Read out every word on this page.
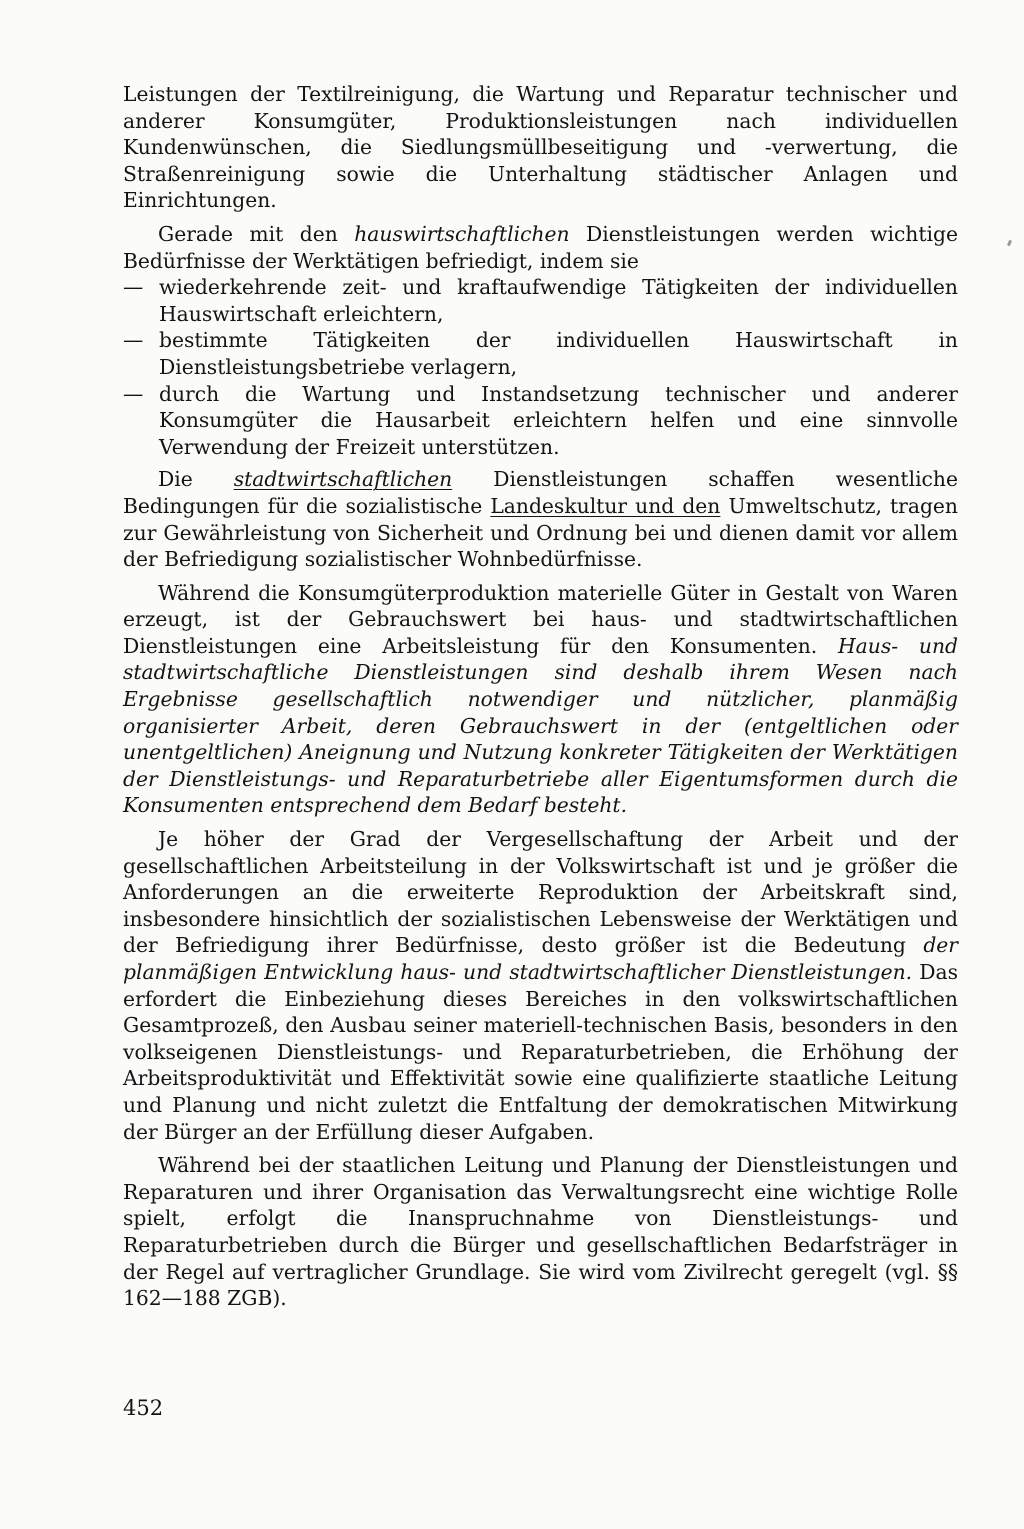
Leistungen der Textilreinigung, die Wartung und Reparatur technischer und anderer Konsumgüter, Produktionsleistungen nach individuellen Kundenwünschen, die Siedlungsmüllbeseitigung und -verwertung, die Straßenreinigung sowie die Unterhaltung städtischer Anlagen und Einrichtungen.

Gerade mit den hauswirtschaftlichen Dienstleistungen werden wichtige Bedürfnisse der Werktätigen befriedigt, indem sie

— wiederkehrende zeit- und kraftaufwendige Tätigkeiten der individuellen Hauswirtschaft erleichtern,
— bestimmte Tätigkeiten der individuellen Hauswirtschaft in Dienstleistungsbetriebe verlagern,
— durch die Wartung und Instandsetzung technischer und anderer Konsumgüter die Hausarbeit erleichtern helfen und eine sinnvolle Verwendung der Freizeit unterstützen.

Die stadtwirtschaftlichen Dienstleistungen schaffen wesentliche Bedingungen für die sozialistische Landeskultur und den Umweltschutz, tragen zur Gewährleistung von Sicherheit und Ordnung bei und dienen damit vor allem der Befriedigung sozialistischer Wohnbedürfnisse.

Während die Konsumgüterproduktion materielle Güter in Gestalt von Waren erzeugt, ist der Gebrauchswert bei haus- und stadtwirtschaftlichen Dienstleistungen eine Arbeitsleistung für den Konsumenten. Haus- und stadtwirtschaftliche Dienstleistungen sind deshalb ihrem Wesen nach Ergebnisse gesellschaftlich notwendiger und nützlicher, planmäßig organisierter Arbeit, deren Gebrauchswert in der (entgeltlichen oder unentgeltlichen) Aneignung und Nutzung konkreter Tätigkeiten der Werktätigen der Dienstleistungs- und Reparaturbetriebe aller Eigentumsformen durch die Konsumenten entsprechend dem Bedarf besteht.

Je höher der Grad der Vergesellschaftung der Arbeit und der gesellschaftlichen Arbeitsteilung in der Volkswirtschaft ist und je größer die Anforderungen an die erweiterte Reproduktion der Arbeitskraft sind, insbesondere hinsichtlich der sozialistischen Lebensweise der Werktätigen und der Befriedigung ihrer Bedürfnisse, desto größer ist die Bedeutung der planmäßigen Entwicklung haus- und stadtwirtschaftlicher Dienstleistungen. Das erfordert die Einbeziehung dieses Bereiches in den volkswirtschaftlichen Gesamtprozeß, den Ausbau seiner materiell-technischen Basis, besonders in den volkseigenen Dienstleistungs- und Reparaturbetrieben, die Erhöhung der Arbeitsproduktivität und Effektivität sowie eine qualifizierte staatliche Leitung und Planung und nicht zuletzt die Entfaltung der demokratischen Mitwirkung der Bürger an der Erfüllung dieser Aufgaben.

Während bei der staatlichen Leitung und Planung der Dienstleistungen und Reparaturen und ihrer Organisation das Verwaltungsrecht eine wichtige Rolle spielt, erfolgt die Inanspruchnahme von Dienstleistungs- und Reparaturbetrieben durch die Bürger und gesellschaftlichen Bedarfsträger in der Regel auf vertraglicher Grundlage. Sie wird vom Zivilrecht geregelt (vgl. §§ 162—188 ZGB).

452
